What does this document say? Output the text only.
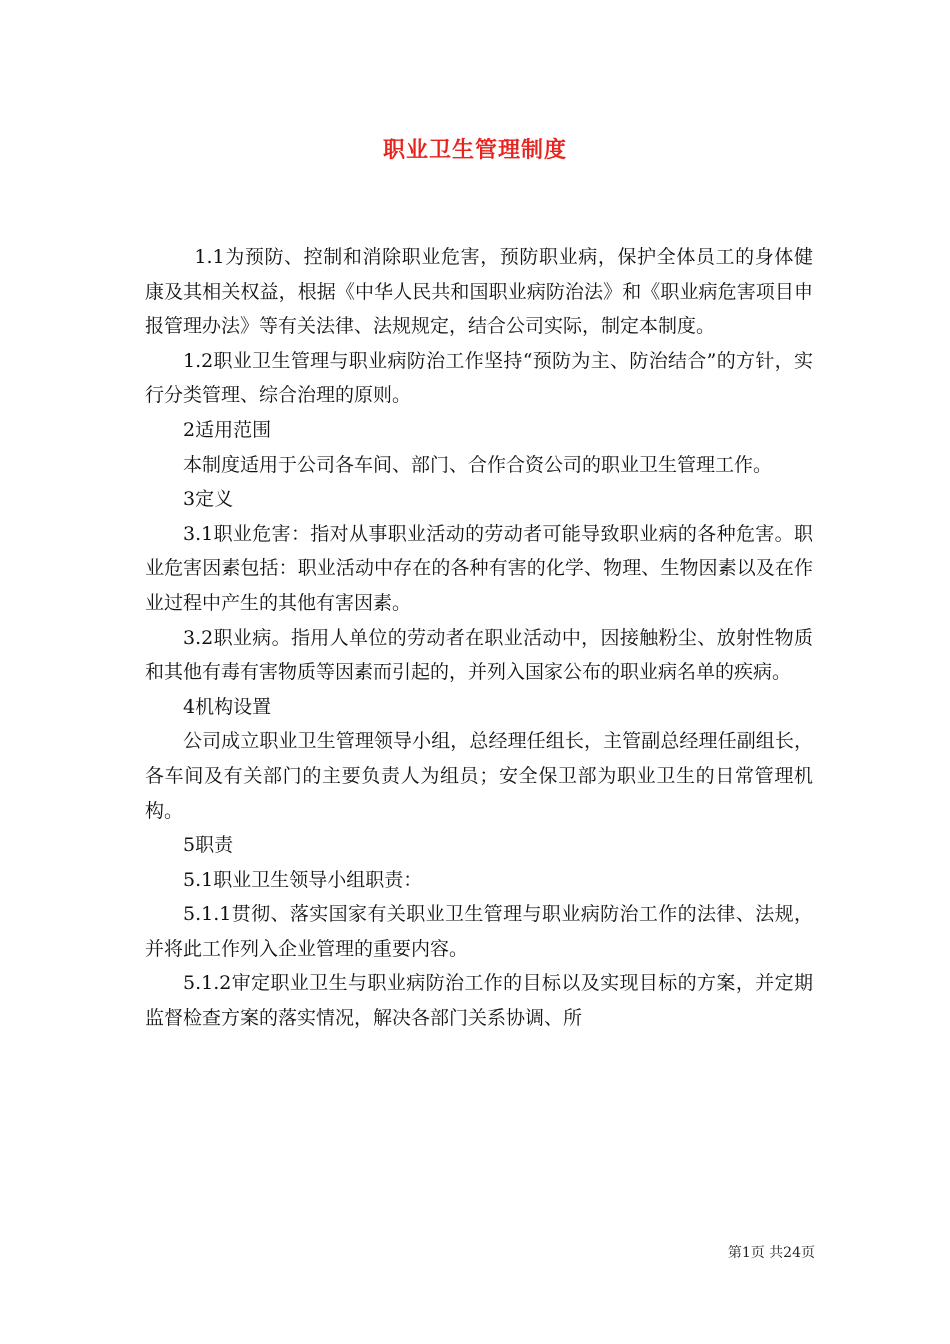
职业卫生管理制度

1.1为预防、控制和消除职业危害，预防职业病，保护全体员工的身体健康及其相关权益，根据《中华人民共和国职业病防治法》和《职业病危害项目申报管理办法》等有关法律、法规规定，结合公司实际，制定本制度。

1.2职业卫生管理与职业病防治工作坚持“预防为主、防治结合”的方针，实行分类管理、综合治理的原则。

2适用范围

本制度适用于公司各车间、部门、合作合资公司的职业卫生管理工作。

3定义

3.1职业危害：指对从事职业活动的劳动者可能导致职业病的各种危害。职业危害因素包括：职业活动中存在的各种有害的化学、物理、生物因素以及在作业过程中产生的其他有害因素。

3.2职业病。指用人单位的劳动者在职业活动中，因接触粉尘、放射性物质和其他有毒有害物质等因素而引起的，并列入国家公布的职业病名单的疾病。

4机构设置

公司成立职业卫生管理领导小组，总经理任组长，主管副总经理任副组长，各车间及有关部门的主要负责人为组员；安全保卫部为职业卫生的日常管理机构。

5职责

5.1职业卫生领导小组职责：

5.1.1贯彻、落实国家有关职业卫生管理与职业病防治工作的法律、法规，并将此工作列入企业管理的重要内容。

5.1.2审定职业卫生与职业病防治工作的目标以及实现目标的方案，并定期监督检查方案的落实情况，解决各部门关系协调、所

第1页 共24页
